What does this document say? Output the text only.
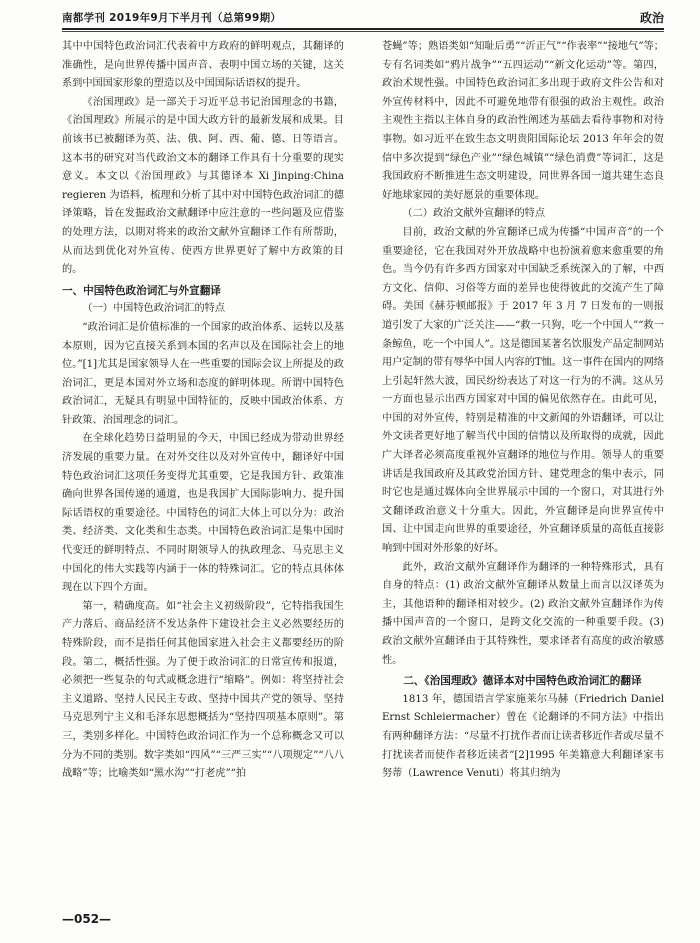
南都学刊 2019年9月下半月刊（总第99期）	政治

其中中国特色政治词汇代表着中方政府的鲜明观点，其翻译的准确性，是向世界传播中国声音、表明中国立场的关键，这关系到中国国家形象的塑造以及中国国际话语权的提升。

《治国理政》是一部关于习近平总书记治国理念的书籍，《治国理政》所展示的是中国大政方针的最新发展和成果。目前该书已被翻译为英、法、俄、阿、西、葡、德、日等语言。这本书的研究对当代政治文本的翻译工作具有十分重要的现实意义。本文以《治国理政》与其德译本 Xi Jinping:China regieren 为语料，梳理和分析了其中对中国特色政治词汇的德译策略，旨在发掘政治文献翻译中应注意的一些问题及应借鉴的处理方法，以期对将来的政治文献外宣翻译工作有所帮助，从而达到优化对外宣传、使西方世界更好了解中方政策的目的。

一、中国特色政治词汇与外宣翻译
（一）中国特色政治词汇的特点

“政治词汇是价值标准的一个国家的政治体系、运转以及基本原则，因为它直接关系到本国的名声以及在国际社会上的地位。”[1]尤其是国家领导人在一些重要的国际会议上所提及的政治词汇，更是本国对外立场和态度的鲜明体现。所谓中国特色政治词汇，无疑具有明显中国特征的，反映中国政治体系、方针政策、治国理念的词汇。

在全球化趋势日益明显的今天，中国已经成为带动世界经济发展的重要力量。在对外交往以及对外宣传中，翻译好中国特色政治词汇这项任务变得尤其重要，它是我国方针、政策准确向世界各国传递的通道，也是我国扩大国际影响力、提升国际话语权的重要途径。中国特色的词汇大体上可以分为：政治类、经济类、文化类和生态类。中国特色政治词汇是集中国时代变迁的鲜明特点、不同时期领导人的执政理念、马克思主义中国化的伟大实践等内涵于一体的特殊词汇。它的特点具体体现在以下四个方面。

第一，精确度高。如“社会主义初级阶段”，它特指我国生产力落后、商品经济不发达条件下建设社会主义必然要经历的特殊阶段，而不是指任何其他国家进入社会主义都要经历的阶段。第二，概括性强。为了便于政治词汇的日常宣传和报道，必须把一些复杂的句式或概念进行“缩略”。例如：将坚持社会主义道路、坚持人民民主专政、坚持中国共产党的领导、坚持马克思列宁主义和毛泽东思想概括为“坚持四项基本原则”。第三，类别多样化。中国特色政治词汇作为一个总称概念又可以分为不同的类别。数字类如“四风”“三严三实”“八项规定”“八八战略”等；比喻类如“黑水沟”“打老虎”“拍

苍蝇”等；熟语类如“知耻后勇”“沂正气”“作表率”“接地气”等；专有名词类如“鸦片战争”“五四运动”“新文化运动”等。第四，政治术规性强。中国特色政治词汇多出现于政府文件公告和对外宣传材料中，因此不可避免地带有很强的政治主观性。政治主观性主指以主体自身的政治性阐述为基础去看待事物和对待事物。如习近平在致生态文明贵阳国际论坛 2013 年年会的贺信中多次提到“绿色产业”“绿色城镇”“绿色消费”等词汇，这是我国政府不断推进生态文明建设，同世界各国一道共建生态良好地球家园的美好愿景的重要体现。

（二）政治文献外宣翻译的特点

目前，政治文献的外宣翻译已成为传播“中国声音”的一个重要途径，它在我国对外开放战略中也扮演着愈来愈重要的角色。当今仍有许多西方国家对中国缺乏系统深入的了解，中西方文化、信仰、习俗等方面的差异也使得彼此的交流产生了障碍。美国《赫芬顿邮报》于 2017 年 3 月 7 日发布的一则报道引发了大家的广泛关注——“救一只狗，吃一个中国人”“救一条鲸鱼，吃一个中国人”。这是德国某著名饮服发产品定制网站用户定制的带有辱华中国人内容的T恤。这一事件在国内的网络上引起轩然大波，国民纷纷表达了对这一行为的不满。这从另一方面也显示出西方国家对中国的偏见依然存在。由此可见，中国的对外宣传，特别是精准的中文新闻的外语翻译，可以让外文读者更好地了解当代中国的信情以及所取得的成就，因此广大译者必须高度重视外宣翻译的地位与作用。领导人的重要讲话是我国政府及其政党治国方针、建党理念的集中表示，同时它也是通过媒体向全世界展示中国的一个窗口，对其进行外文翻译政治意义十分重大。因此，外宣翻译是向世界宣传中国、让中国走向世界的重要途径，外宣翻译质量的高低直接影响到中国对外形象的好坏。

此外，政治文献外宣翻译作为翻译的一种特殊形式，具有自身的特点：(1) 政治文献外宣翻译从数量上而言以汉译英为主，其他语种的翻译相对较少。(2) 政治文献外宣翻译作为传播中国声音的一个窗口，是跨文化交流的一种重要手段。(3) 政治文献外宣翻译由于其特殊性，要求译者有高度的政治敏感性。

二、《治国理政》德译本对中国特色政治词汇的翻译

1813 年，德国语言学家施莱尔马赫（Friedrich Daniel Ernst Schleiermacher）曾在《论翻译的不同方法》中指出有两种翻译方法：“尽量不打扰作者而让读者移近作者或尽量不打扰读者而使作者移近读者”[2]1995 年美籍意大利翻译家韦努蒂（Lawrence Venuti）将其归纳为

—052—
